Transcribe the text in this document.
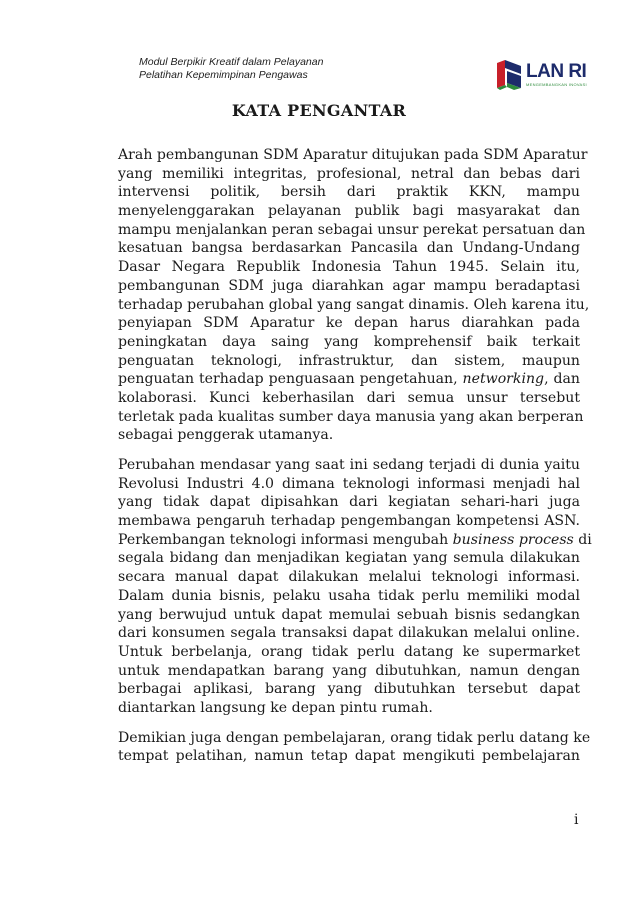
Modul Berpikir Kreatif dalam Pelayanan
Pelatihan Kepemimpinan Pengawas	LAN RI
MENGEMBANGKAN INOVASI
KATA PENGANTAR

Arah pembangunan SDM Aparatur ditujukan pada SDM Aparatur
yang memiliki integritas, profesional, netral dan bebas dari
intervensi politik, bersih dari praktik KKN, mampu
menyelenggarakan pelayanan publik bagi masyarakat dan
mampu menjalankan peran sebagai unsur perekat persatuan dan
kesatuan bangsa berdasarkan Pancasila dan Undang-Undang
Dasar Negara Republik Indonesia Tahun 1945. Selain itu,
pembangunan SDM juga diarahkan agar mampu beradaptasi
terhadap perubahan global yang sangat dinamis. Oleh karena itu,
penyiapan SDM Aparatur ke depan harus diarahkan pada
peningkatan daya saing yang komprehensif baik terkait
penguatan teknologi, infrastruktur, dan sistem, maupun
penguatan terhadap penguasaan pengetahuan, networking, dan
kolaborasi. Kunci keberhasilan dari semua unsur tersebut
terletak pada kualitas sumber daya manusia yang akan berperan
sebagai penggerak utamanya.

Perubahan mendasar yang saat ini sedang terjadi di dunia yaitu
Revolusi Industri 4.0 dimana teknologi informasi menjadi hal
yang tidak dapat dipisahkan dari kegiatan sehari-hari juga
membawa pengaruh terhadap pengembangan kompetensi ASN.
Perkembangan teknologi informasi mengubah business process di
segala bidang dan menjadikan kegiatan yang semula dilakukan
secara manual dapat dilakukan melalui teknologi informasi.
Dalam dunia bisnis, pelaku usaha tidak perlu memiliki modal
yang berwujud untuk dapat memulai sebuah bisnis sedangkan
dari konsumen segala transaksi dapat dilakukan melalui online.
Untuk berbelanja, orang tidak perlu datang ke supermarket
untuk mendapatkan barang yang dibutuhkan, namun dengan
berbagai aplikasi, barang yang dibutuhkan tersebut dapat
diantarkan langsung ke depan pintu rumah.

Demikian juga dengan pembelajaran, orang tidak perlu datang ke
tempat pelatihan, namun tetap dapat mengikuti pembelajaran

i
